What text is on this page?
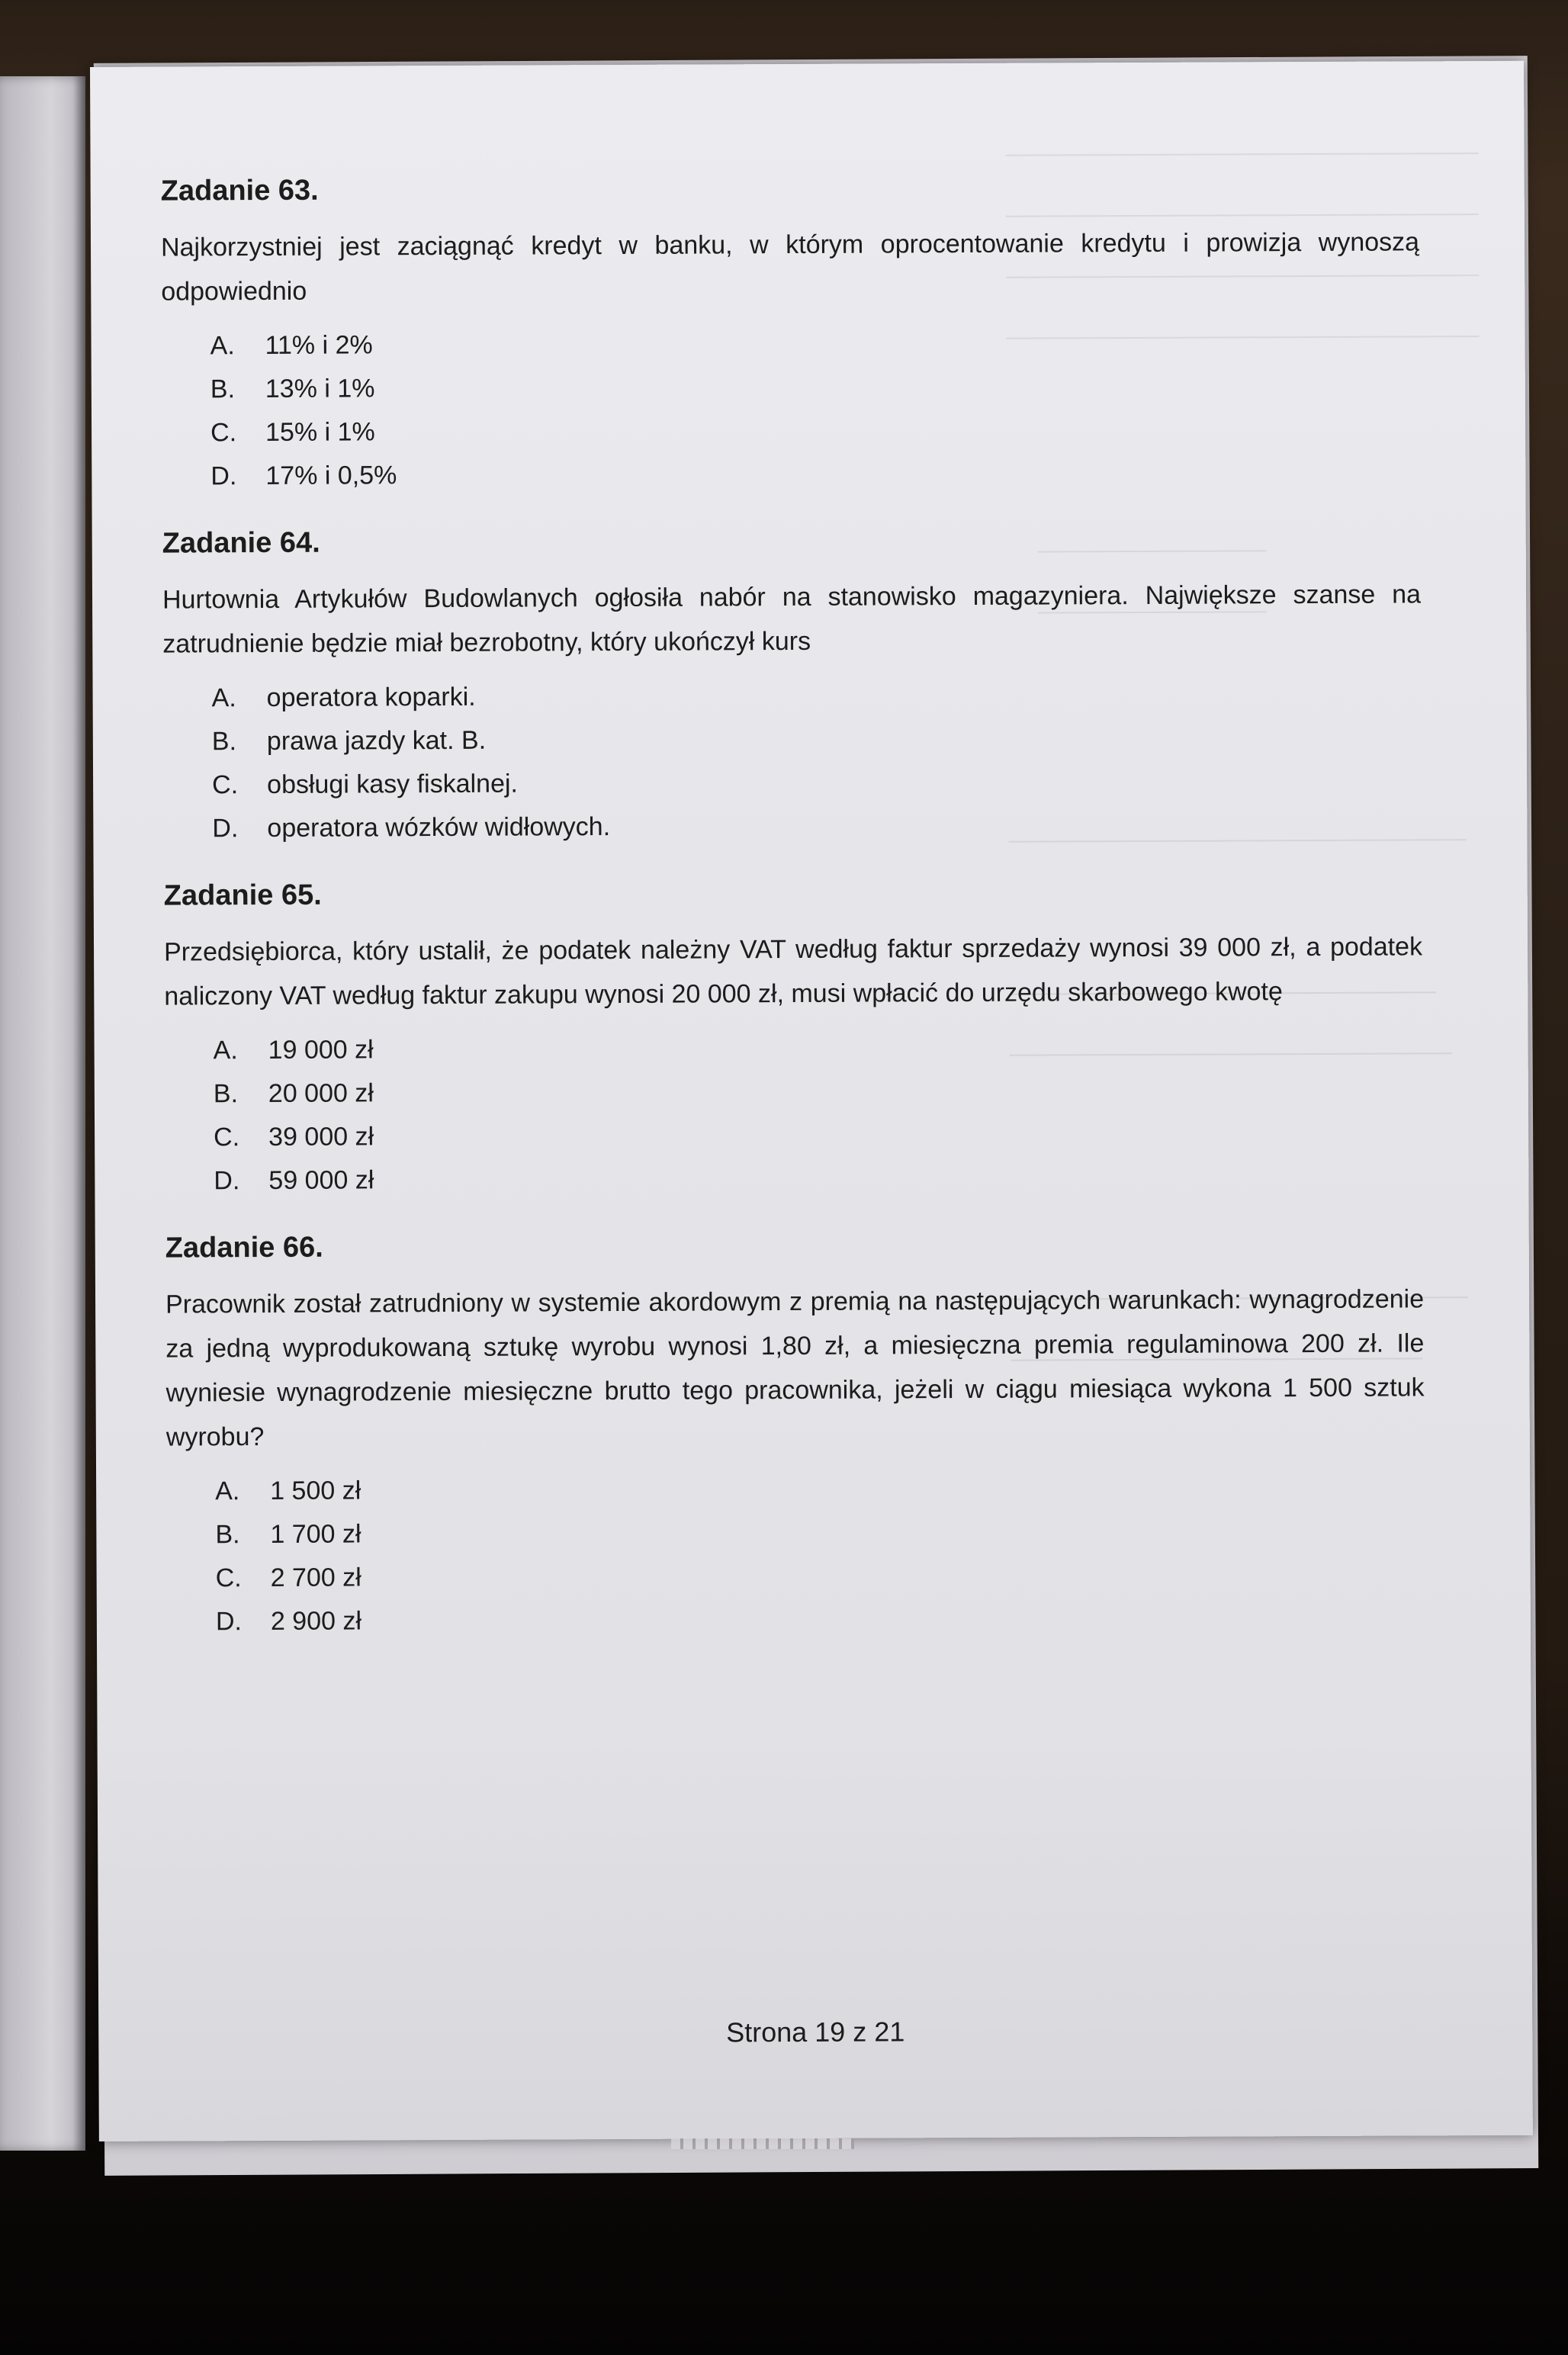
Zadanie 63.

Najkorzystniej jest zaciągnąć kredyt w banku, w którym oprocentowanie kredytu i prowizja wynoszą odpowiednio

A.	11% i 2%
B.	13% i 1%
C.	15% i 1%
D.	17% i 0,5%
Zadanie 64.

Hurtownia Artykułów Budowlanych ogłosiła nabór na stanowisko magazyniera. Największe szanse na zatrudnienie będzie miał bezrobotny, który ukończył kurs

A.	operatora koparki.
B.	prawa jazdy kat. B.
C.	obsługi kasy fiskalnej.
D.	operatora wózków widłowych.
Zadanie 65.

Przedsiębiorca, który ustalił, że podatek należny VAT według faktur sprzedaży wynosi 39 000 zł, a podatek naliczony VAT według faktur zakupu wynosi 20 000 zł, musi wpłacić do urzędu skarbowego kwotę

A.	19 000 zł
B.	20 000 zł
C.	39 000 zł
D.	59 000 zł
Zadanie 66.

Pracownik został zatrudniony w systemie akordowym z premią na następujących warunkach: wynagrodzenie za jedną wyprodukowaną sztukę wyrobu wynosi 1,80 zł, a miesięczna premia regulaminowa 200 zł. Ile wyniesie wynagrodzenie miesięczne brutto tego pracownika, jeżeli w ciągu miesiąca wykona 1 500 sztuk wyrobu?

A.	1 500 zł
B.	1 700 zł
C.	2 700 zł
D.	2 900 zł
Strona 19 z 21
